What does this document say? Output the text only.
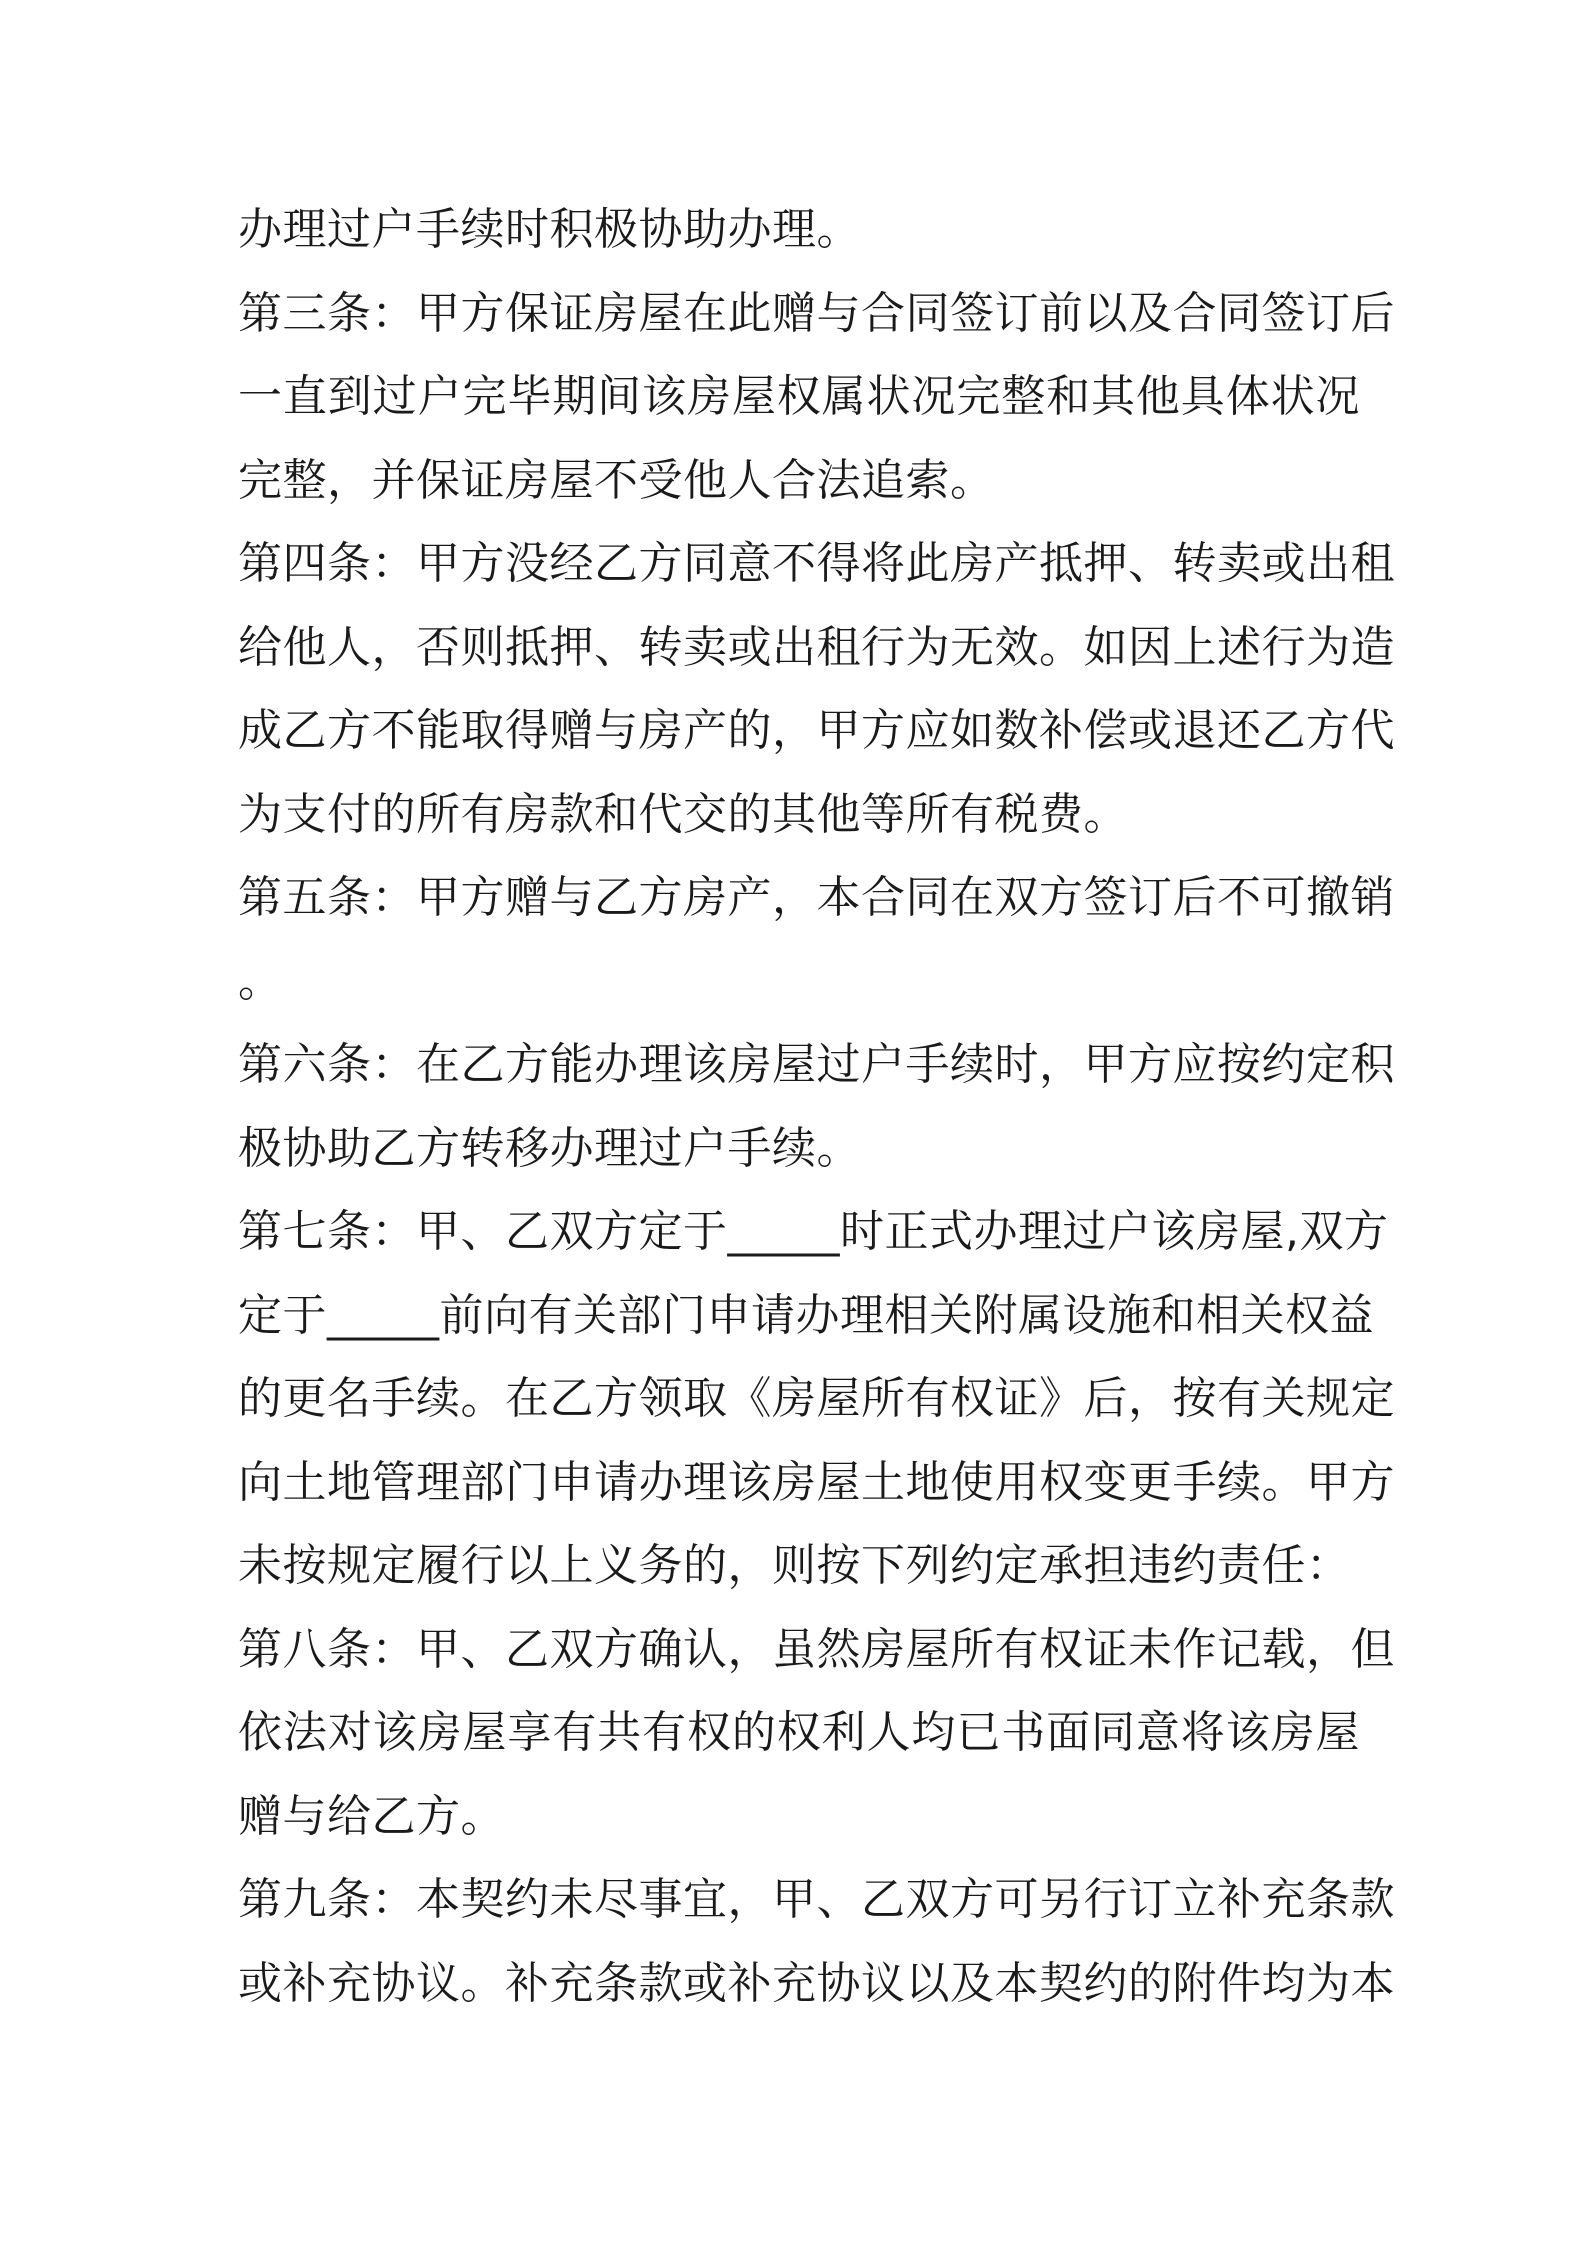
办理过户手续时积极协助办理。
第三条：甲方保证房屋在此赠与合同签订前以及合同签订后
一直到过户完毕期间该房屋权属状况完整和其他具体状况
完整，并保证房屋不受他人合法追索。
第四条：甲方没经乙方同意不得将此房产抵押、转卖或出租
给他人，否则抵押、转卖或出租行为无效。如因上述行为造
成乙方不能取得赠与房产的，甲方应如数补偿或退还乙方代
为支付的所有房款和代交的其他等所有税费。
第五条：甲方赠与乙方房产，本合同在双方签订后不可撤销
。
第六条：在乙方能办理该房屋过户手续时，甲方应按约定积
极协助乙方转移办理过户手续。
第七条：甲、乙双方定于_____时正式办理过户该房屋,双方
定于_____前向有关部门申请办理相关附属设施和相关权益
的更名手续。在乙方领取《房屋所有权证》后，按有关规定
向土地管理部门申请办理该房屋土地使用权变更手续。甲方
未按规定履行以上义务的，则按下列约定承担违约责任：
第八条：甲、乙双方确认，虽然房屋所有权证未作记载，但
依法对该房屋享有共有权的权利人均已书面同意将该房屋
赠与给乙方。
第九条：本契约未尽事宜，甲、乙双方可另行订立补充条款
或补充协议。补充条款或补充协议以及本契约的附件均为本
